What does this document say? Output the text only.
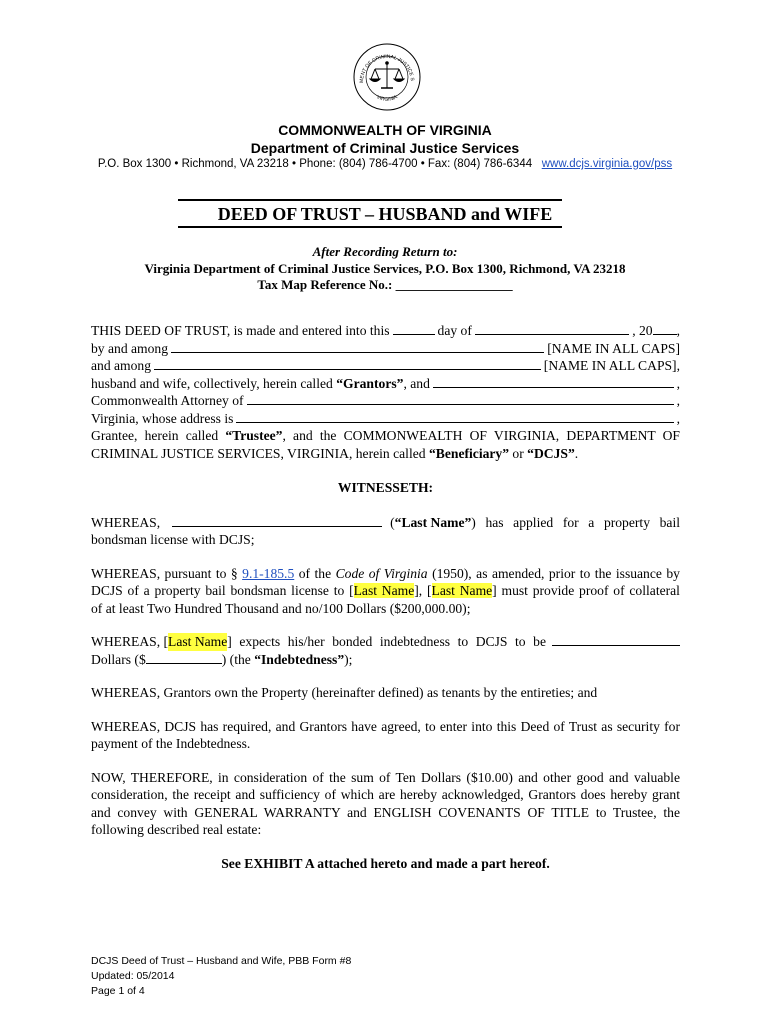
MENT OF CRIMINAL JUSTICE S
VIRGINIA
COMMONWEALTH OF VIRGINIA
Department of Criminal Justice Services
P.O. Box 1300 • Richmond, VA 23218 • Phone: (804) 786-4700 • Fax: (804) 786-6344 www.dcjs.virginia.gov/pss
DEED OF TRUST – HUSBAND and WIFE
After Recording Return to:
Virginia Department of Criminal Justice Services, P.O. Box 1300, Richmond, VA 23218
Tax Map Reference No.: __________________
THIS DEED OF TRUST, is made and entered into this	day of	, 20 ,
by and among	[NAME IN ALL CAPS]
and among	[NAME IN ALL CAPS],
husband and wife, collectively, herein called
“Grantors” , and	,
Commonwealth Attorney of	,
Virginia, whose address is	,
Grantee, herein called “Trustee”, and the COMMONWEALTH OF VIRGINIA, DEPARTMENT OF
CRIMINAL JUSTICE SERVICES, VIRGINIA, herein called “Beneficiary” or “DCJS”.

WITNESSETH:

WHEREAS,	( “Last Name” ) has applied for a property bail
bondsman license with DCJS;
WHEREAS, pursuant to § 9.1-185.5 of the Code of Virginia (1950), as amended, prior to the issuance by
DCJS of a property bail bondsman license to [Last Name], [Last Name] must provide proof of collateral
of at least Two Hundred Thousand and no/100 Dollars ($200,000.00);
WHEREAS, [ Last Name ] expects his/her bonded indebtedness to DCJS to be
Dollars ($	) (the
“Indebtedness” );

WHEREAS, Grantors own the Property (hereinafter defined) as tenants by the entireties; and

WHEREAS, DCJS has required, and Grantors have agreed, to enter into this Deed of Trust as security for
payment of the Indebtedness.
NOW, THEREFORE, in consideration of the sum of Ten Dollars ($10.00) and other good and valuable
consideration, the receipt and sufficiency of which are hereby acknowledged, Grantors does hereby grant
and convey with GENERAL WARRANTY and ENGLISH COVENANTS OF TITLE to Trustee, the
following described real estate:

See EXHIBIT A attached hereto and made a part hereof.

DCJS Deed of Trust – Husband and Wife, PBB Form #8
Updated: 05/2014
Page 1 of 4
